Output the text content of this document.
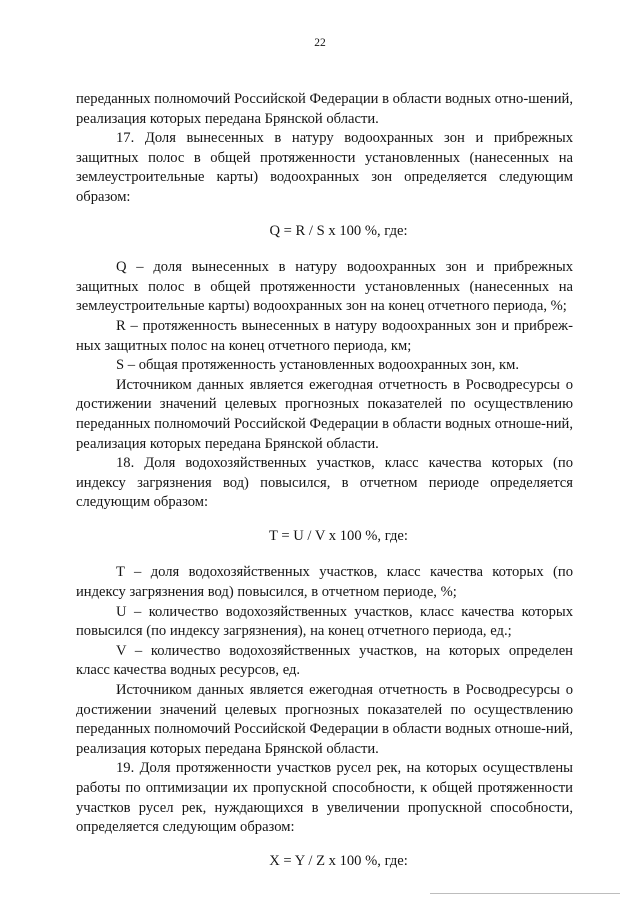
22

переданных полномочий Российской Федерации в области водных отно-шений, реализация которых передана Брянской области.

17. Доля вынесенных в натуру водоохранных зон и прибрежных защитных полос в общей протяженности установленных (нанесенных на землеустроительные карты) водоохранных зон определяется следующим образом:

Q = R / S x 100 %, где:

Q – доля вынесенных в натуру водоохранных зон и прибрежных защитных полос в общей протяженности установленных (нанесенных на землеустроительные карты) водоохранных зон на конец отчетного периода, %;

R – протяженность вынесенных в натуру водоохранных зон и прибреж-ных защитных полос на конец отчетного периода, км;

S – общая протяженность установленных водоохранных зон, км.

Источником данных является ежегодная отчетность в Росводресурсы о достижении значений целевых прогнозных показателей по осуществлению переданных полномочий Российской Федерации в области водных отноше-ний, реализация которых передана Брянской области.

18. Доля водохозяйственных участков, класс качества которых (по индексу загрязнения вод) повысился, в отчетном периоде определяется следующим образом:

T = U / V x 100 %, где:

T – доля водохозяйственных участков, класс качества которых (по индексу загрязнения вод) повысился, в отчетном периоде, %;

U – количество водохозяйственных участков, класс качества которых повысился (по индексу загрязнения), на конец отчетного периода, ед.;

V – количество водохозяйственных участков, на которых определен класс качества водных ресурсов, ед.

Источником данных является ежегодная отчетность в Росводресурсы о достижении значений целевых прогнозных показателей по осуществлению переданных полномочий Российской Федерации в области водных отноше-ний, реализация которых передана Брянской области.

19. Доля протяженности участков русел рек, на которых осуществлены работы по оптимизации их пропускной способности, к общей протяженности участков русел рек, нуждающихся в увеличении пропускной способности, определяется следующим образом:

X = Y / Z x 100 %, где:
